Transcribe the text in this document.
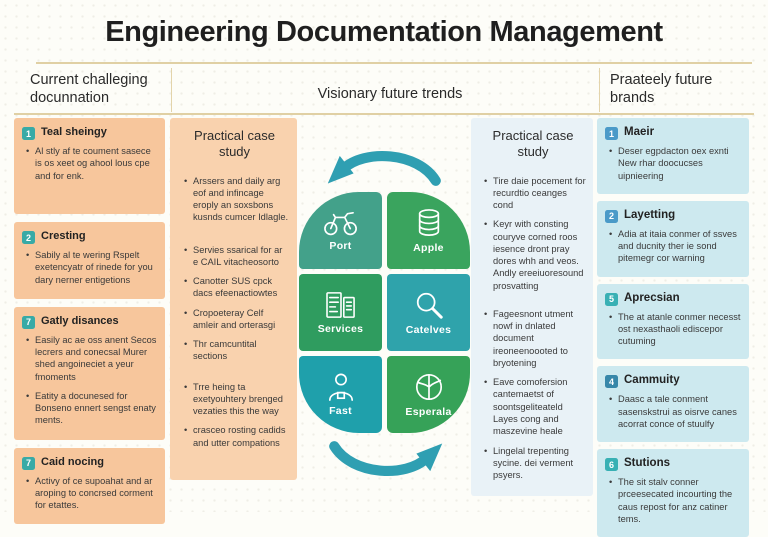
Engineering Documentation Management
Current challeging docunnation	Visionary future trends
Praateely future brands
1 Teal sheingy
• Al stly af te coument sasece is os xeet og ahool lous cpe and for enk.
2 Cresting
• Sabily al te wering Rspelt exetencyatr of rinede for you dary nerner entigetions
7 Gatly disances
• Easily ac ae oss anent Secos lecrers and conecsal Murer shed angoineciet a yeur fmoments
• Eatity a docunesed for Bonseno ennert sengst enaty ments.
7 Caid nocing
• Activy of ce supoahat and ar aroping to concrsed corment for etattes.
Practical case study
• Arssers and daily arg eof and infincage eroply an soxsbons kusnds cumcer Idlagle.
• Servies ssarical for ar e CAIL vitacheosorto
• Canotter SUS cpck dacs efeenactiowtes
• Cropoeteray Celf amleir and orterasgi
• Thr camcuntital sections
• Trre heing ta exetyouhtery brenged vezaties this the way
• crasceo rosting cadids and utter compations
Port	Apple
Services	Catelves
Fast	Esperala
Practical case study
• Tire daie pocement for recurdtio ceanges cond
• Keyr with consting couryve corned roos iesence dront pray dores whh and veos. Andly ereeiuoresound prosvatting
• Fageesnont utment nowf in dnlated document ireoneenoooted to bryotening
• Eave comofersion cantemaetst of soontsgeliteateld Layes cong and maszevine heale
• Lingelal trepenting sycine. dei verment psyers.
1 Maeir
• Deser egpdacton oex exnti New rhar doocucses uipnieering
2 Layetting
• Adia at itaia conmer of ssves and ducnity ther ie sond pitemegr cor warning
5 Aprecsian
• The at atanle conmer necesst ost nexasthaoli ediscepor cutuming
4 Cammuity
• Daasc a tale conment sasenskstrui as oisrve canes acorrat conce of stuulfy
6 Stutions
• The sit stalv conner prceesecated incourting the caus repost for anz catiner tems.
